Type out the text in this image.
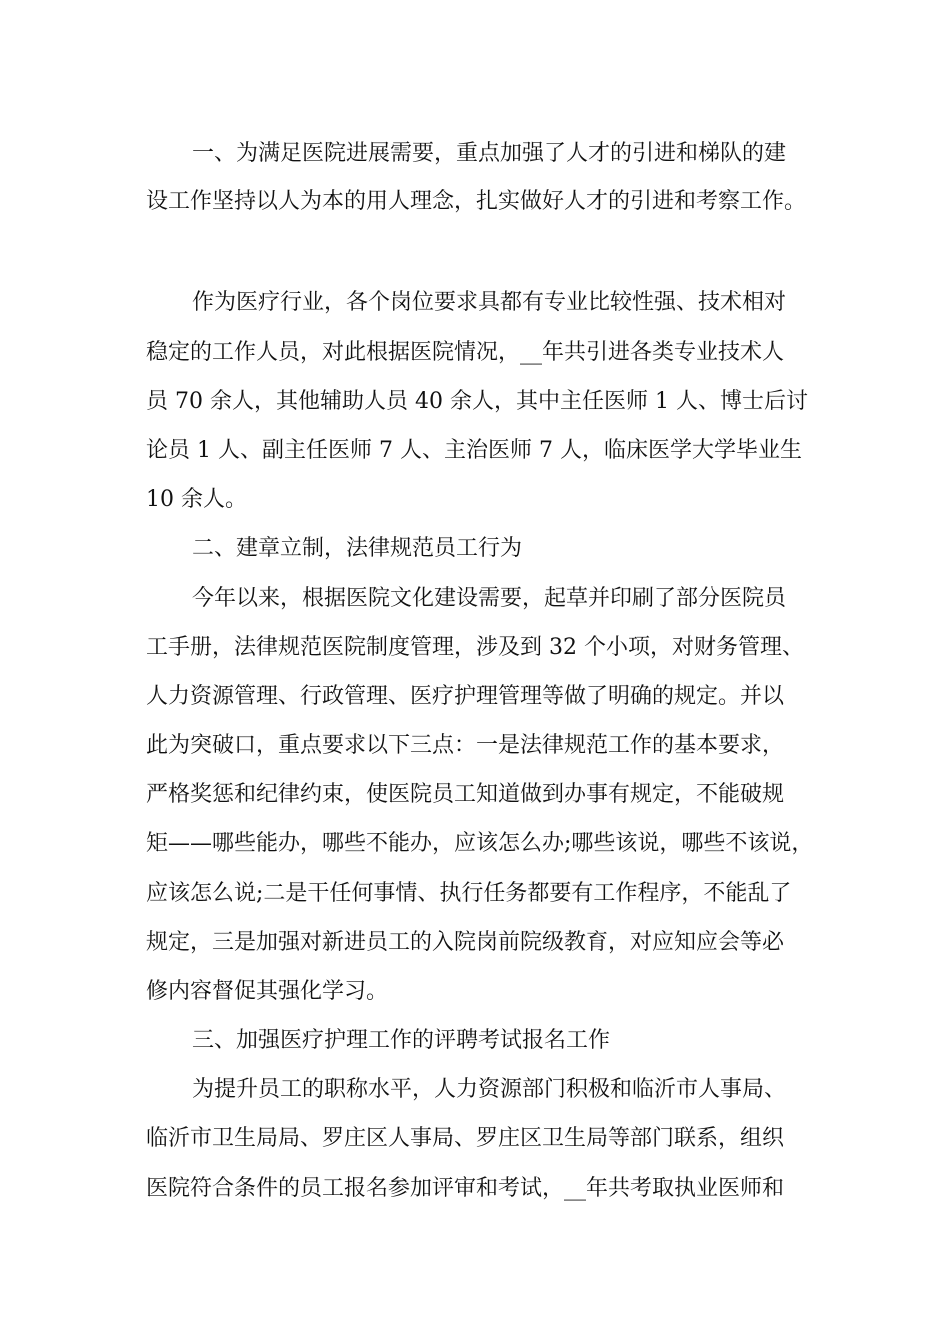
一、为满足医院进展需要，重点加强了人才的引进和梯队的建

设工作坚持以人为本的用人理念，扎实做好人才的引进和考察工作。

作为医疗行业，各个岗位要求具都有专业比较性强、技术相对

稳定的工作人员，对此根据医院情况，__年共引进各类专业技术人

员 70 余人，其他辅助人员 40 余人，其中主任医师 1 人、博士后讨

论员 1 人、副主任医师 7 人、主治医师 7 人，临床医学大学毕业生

10 余人。

二、建章立制，法律规范员工行为

今年以来，根据医院文化建设需要，起草并印刷了部分医院员

工手册，法律规范医院制度管理，涉及到 32 个小项，对财务管理、

人力资源管理、行政管理、医疗护理管理等做了明确的规定。并以

此为突破口，重点要求以下三点：一是法律规范工作的基本要求，

严格奖惩和纪律约束，使医院员工知道做到办事有规定，不能破规

矩——哪些能办，哪些不能办，应该怎么办;哪些该说，哪些不该说，

应该怎么说;二是干任何事情、执行任务都要有工作程序，不能乱了

规定，三是加强对新进员工的入院岗前院级教育，对应知应会等必

修内容督促其强化学习。

三、加强医疗护理工作的评聘考试报名工作

为提升员工的职称水平，人力资源部门积极和临沂市人事局、

临沂市卫生局局、罗庄区人事局、罗庄区卫生局等部门联系，组织

医院符合条件的员工报名参加评审和考试，__年共考取执业医师和
